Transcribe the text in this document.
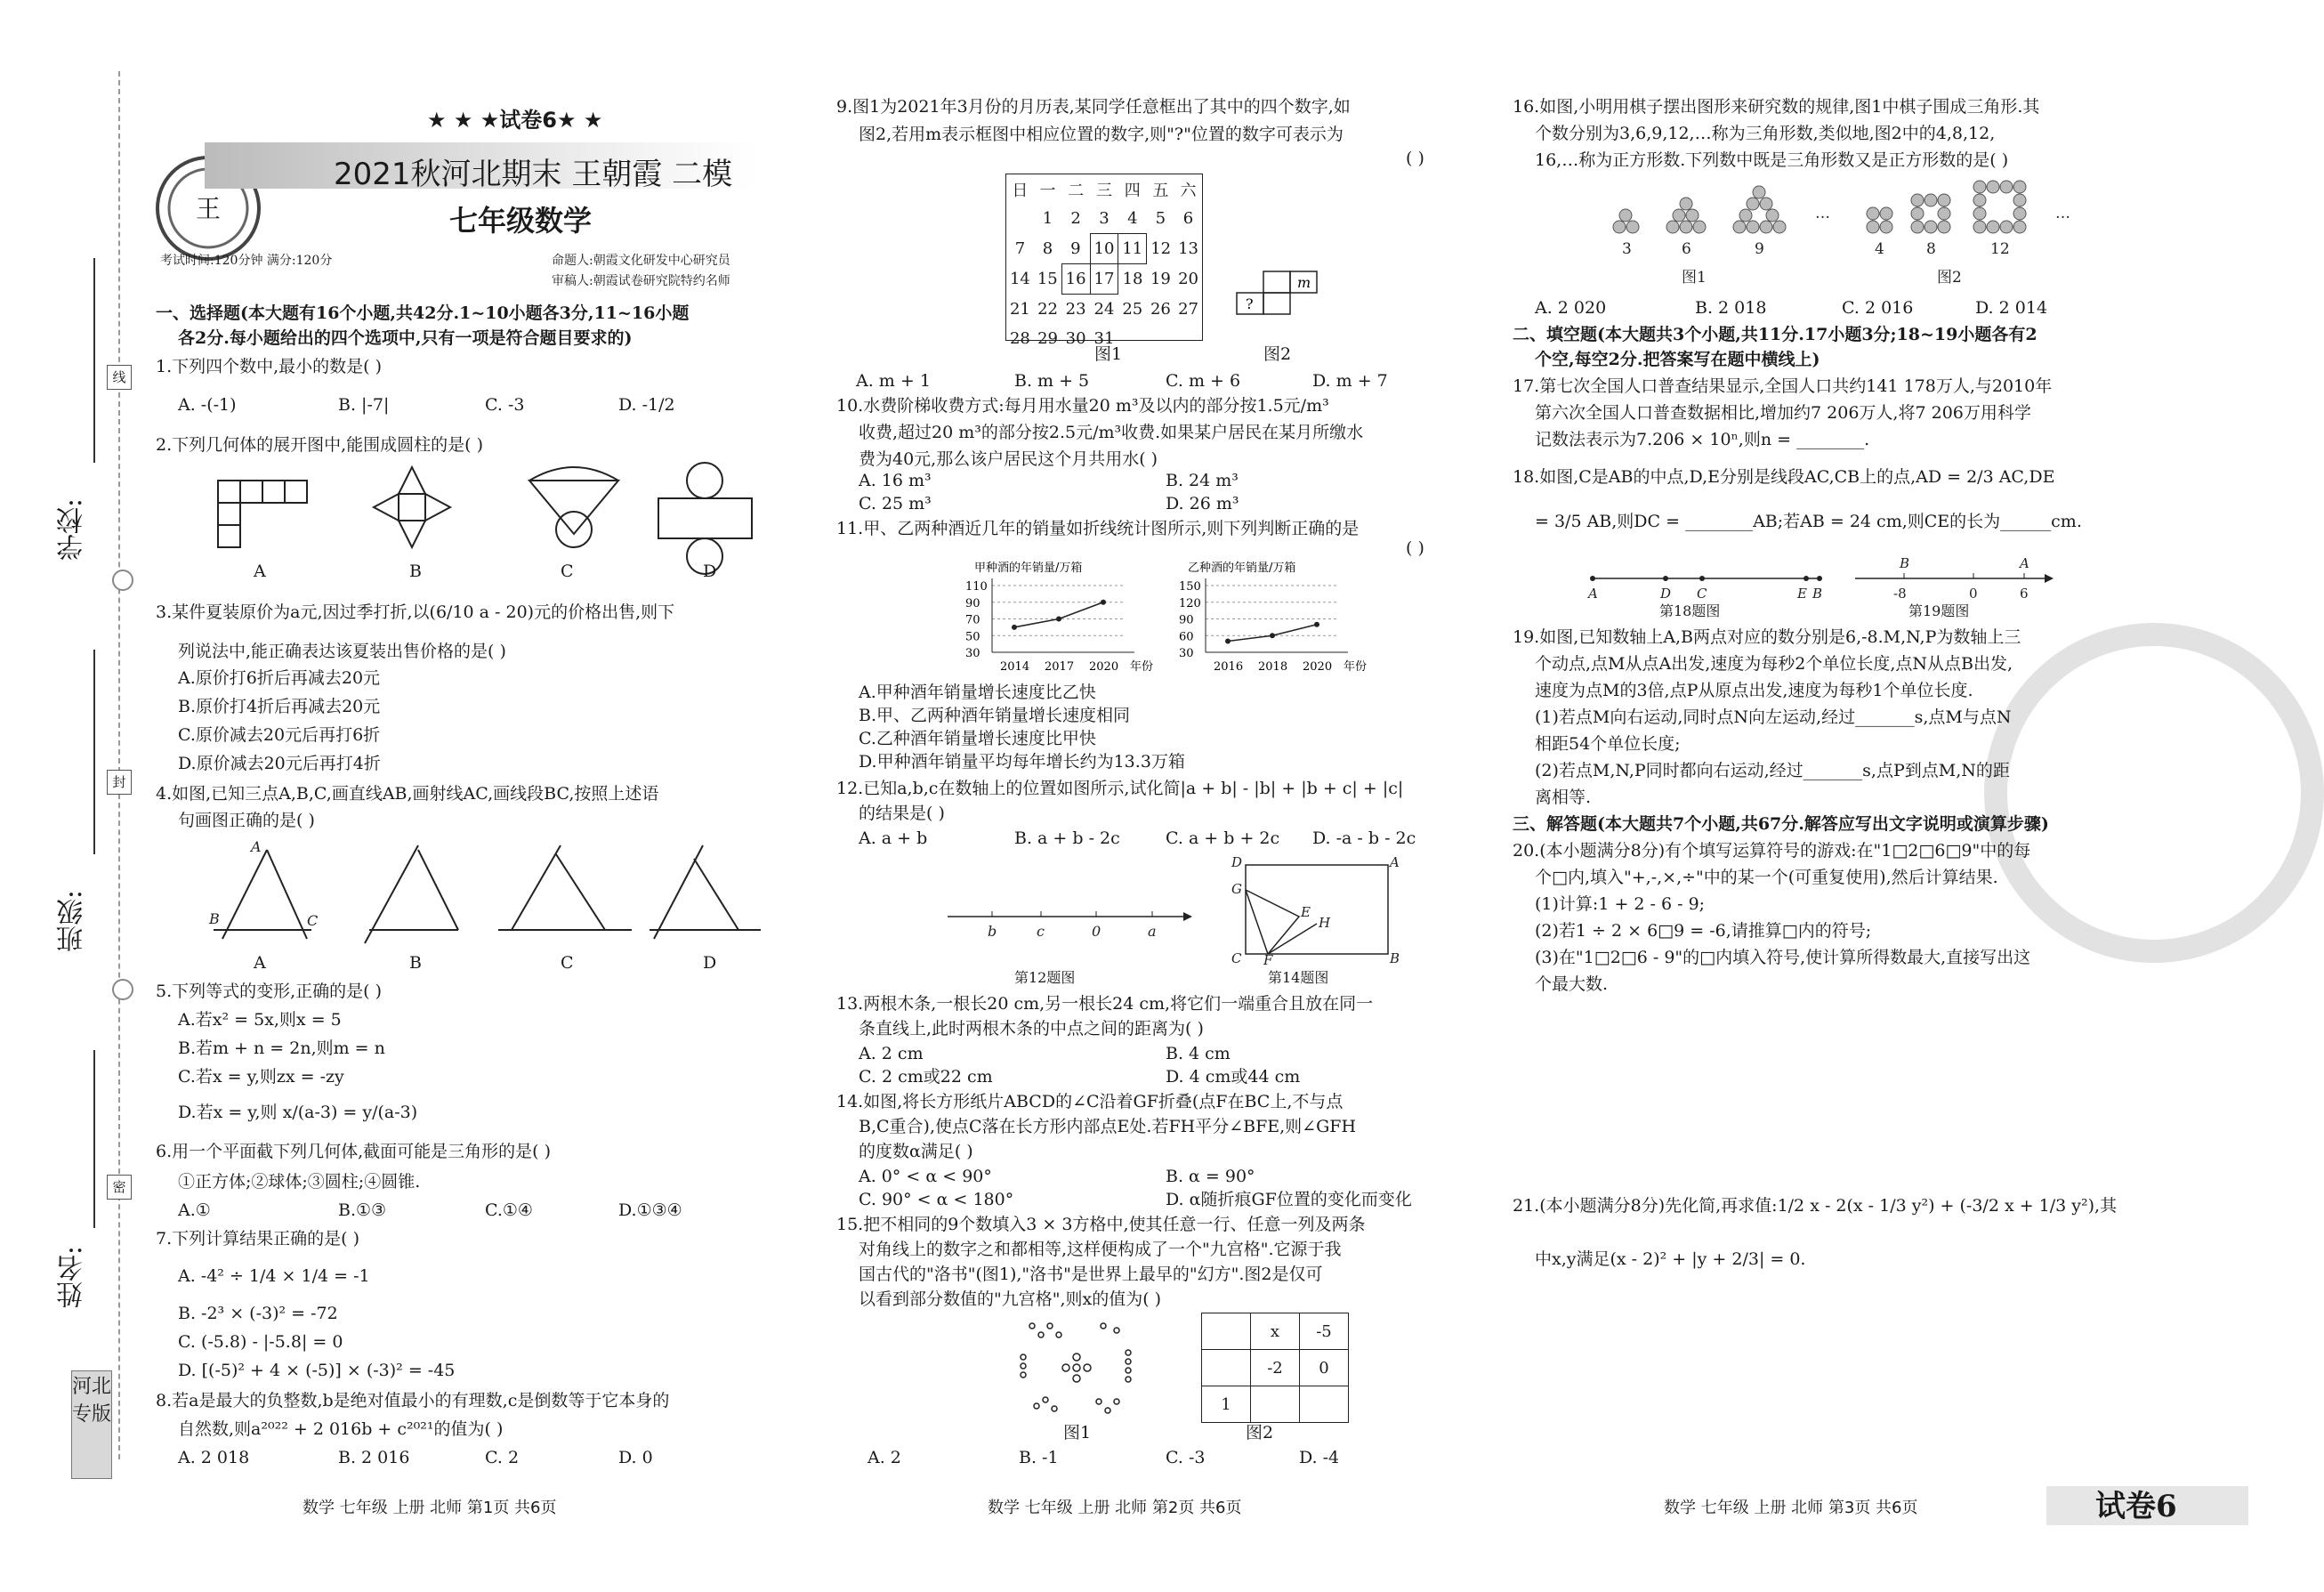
学校:
班级:
姓名:
线
封
密
河北专版
王
★ ★ ★试卷6★ ★
2021秋河北期末 王朝霞 二模
七年级数学
考试时间:120分钟 满分:120分	命题人:朝霞文化研发中心研究员
审稿人:朝霞试卷研究院特约名师
一、选择题(本大题有16个小题,共42分.1~10小题各3分,11~16小题
各2分.每小题给出的四个选项中,只有一项是符合题目要求的)
1.下列四个数中,最小的数是( )
A. -(-1)	B. |-7|	C. -3	D. -1/2
2.下列几何体的展开图中,能围成圆柱的是( )
A	B	C	D
3.某件夏装原价为a元,因过季打折,以(6/10 a - 20)元的价格出售,则下
列说法中,能正确表达该夏装出售价格的是( )
A.原价打6折后再减去20元
B.原价打4折后再减去20元
C.原价减去20元后再打6折
D.原价减去20元后再打4折
4.如图,已知三点A,B,C,画直线AB,画射线AC,画线段BC,按照上述语
句画图正确的是( )
A
B	C
A	B	C	D
5.下列等式的变形,正确的是( )
A.若x² = 5x,则x = 5
B.若m + n = 2n,则m = n
C.若x = y,则zx = -zy
D.若x = y,则 x/(a-3) = y/(a-3)
6.用一个平面截下列几何体,截面可能是三角形的是( )
①正方体;②球体;③圆柱;④圆锥.
A.①	B.①③	C.①④	D.①③④
7.下列计算结果正确的是( )
A. -4² ÷ 1/4 × 1/4 = -1
B. -2³ × (-3)² = -72
C. (-5.8) - |-5.8| = 0
D. [(-5)² + 4 × (-5)] × (-3)² = -45
8.若a是最大的负整数,b是绝对值最小的有理数,c是倒数等于它本身的
自然数,则a²⁰²² + 2 016b + c²⁰²¹的值为( )
A. 2 018	B. 2 016	C. 2	D. 0
数学 七年级 上册 北师 第1页 共6页
9.图1为2021年3月份的月历表,某同学任意框出了其中的四个数字,如
图2,若用m表示框图中相应位置的数字,则"?"位置的数字可表示为
( )
日	一	二	三	四	五	六
	1	2	3	4	5	6
7	8	9	10	11	12	13
14	15	16	17	18	19	20
21	22	23	24	25	26	27
28	29	30	31			
m
?
图1	图2
A. m + 1	B. m + 5	C. m + 6	D. m + 7
10.水费阶梯收费方式:每月用水量20 m³及以内的部分按1.5元/m³
收费,超过20 m³的部分按2.5元/m³收费.如果某户居民在某月所缴水
费为40元,那么该户居民这个月共用水( )
A. 16 m³	B. 24 m³
C. 25 m³	D. 26 m³
11.甲、乙两种酒近几年的销量如折线统计图所示,则下列判断正确的是
( )
甲种酒的年销量/万箱
30
50
70
90
110
2014 2017 2020 年份
乙种酒的年销量/万箱
30
60
90
120
150
2016 2018 2020 年份
A.甲种酒年销量增长速度比乙快
B.甲、乙两种酒年销量增长速度相同
C.乙种酒年销量增长速度比甲快
D.甲种酒年销量平均每年增长约为13.3万箱
12.已知a,b,c在数轴上的位置如图所示,试化简|a + b| - |b| + |b + c| + |c|
的结果是( )
A. a + b	B. a + b - 2c	C. a + b + 2c D. -a - b - 2c
b	c	0	a
第12题图
D	A
G
E
H
C F	B
第14题图
13.两根木条,一根长20 cm,另一根长24 cm,将它们一端重合且放在同一
条直线上,此时两根木条的中点之间的距离为( )
A. 2 cm	B. 4 cm
C. 2 cm或22 cm	D. 4 cm或44 cm
14.如图,将长方形纸片ABCD的∠C沿着GF折叠(点F在BC上,不与点
B,C重合),使点C落在长方形内部点E处.若FH平分∠BFE,则∠GFH
的度数α满足( )
A. 0° < α < 90°	B. α = 90°
C. 90° < α < 180°	D. α随折痕GF位置的变化而变化
15.把不相同的9个数填入3 × 3方格中,使其任意一行、任意一列及两条
对角线上的数字之和都相等,这样便构成了一个"九宫格".它源于我
国古代的"洛书"(图1),"洛书"是世界上最早的"幻方".图2是仅可
以看到部分数值的"九宫格",则x的值为( )
	x	-5
	-2	0
1		
图1	图2
A. 2	B. -1	C. -3	D. -4
数学 七年级 上册 北师 第2页 共6页
16.如图,小明用棋子摆出图形来研究数的规律,图1中棋子围成三角形.其
个数分别为3,6,9,12,…称为三角形数,类似地,图2中的4,8,12,
16,…称为正方形数.下列数中既是三角形数又是正方形数的是( )
3	6	9
…
4	8	12
…
图1	图2
A. 2 020	B. 2 018	C. 2 016	D. 2 014
二、填空题(本大题共3个小题,共11分.17小题3分;18~19小题各有2
个空,每空2分.把答案写在题中横线上)
17.第七次全国人口普查结果显示,全国人口共约141 178万人,与2010年
第六次全国人口普查数据相比,增加约7 206万人,将7 206万用科学
记数法表示为7.206 × 10ⁿ,则n = ________.
18.如图,C是AB的中点,D,E分别是线段AC,CB上的点,AD = 2/3 AC,DE
= 3/5 AB,则DC = ________AB;若AB = 24 cm,则CE的长为______cm.
A	D C	E B
第18题图
B	A
-8	0	6
第19题图
19.如图,已知数轴上A,B两点对应的数分别是6,-8.M,N,P为数轴上三
个动点,点M从点A出发,速度为每秒2个单位长度,点N从点B出发,
速度为点M的3倍,点P从原点出发,速度为每秒1个单位长度.
(1)若点M向右运动,同时点N向左运动,经过_______s,点M与点N
相距54个单位长度;
(2)若点M,N,P同时都向右运动,经过_______s,点P到点M,N的距
离相等.
三、解答题(本大题共7个小题,共67分.解答应写出文字说明或演算步骤)
20.(本小题满分8分)有个填写运算符号的游戏:在"1□2□6□9"中的每
个□内,填入"+,-,×,÷"中的某一个(可重复使用),然后计算结果.
(1)计算:1 + 2 - 6 - 9;
(2)若1 ÷ 2 × 6□9 = -6,请推算□内的符号;
(3)在"1□2□6 - 9"的□内填入符号,使计算所得数最大,直接写出这
个最大数.
21.(本小题满分8分)先化简,再求值:1/2 x - 2(x - 1/3 y²) + (-3/2 x + 1/3 y²),其
中x,y满足(x - 2)² + |y + 2/3| = 0.
数学 七年级 上册 北师 第3页 共6页	试卷6
